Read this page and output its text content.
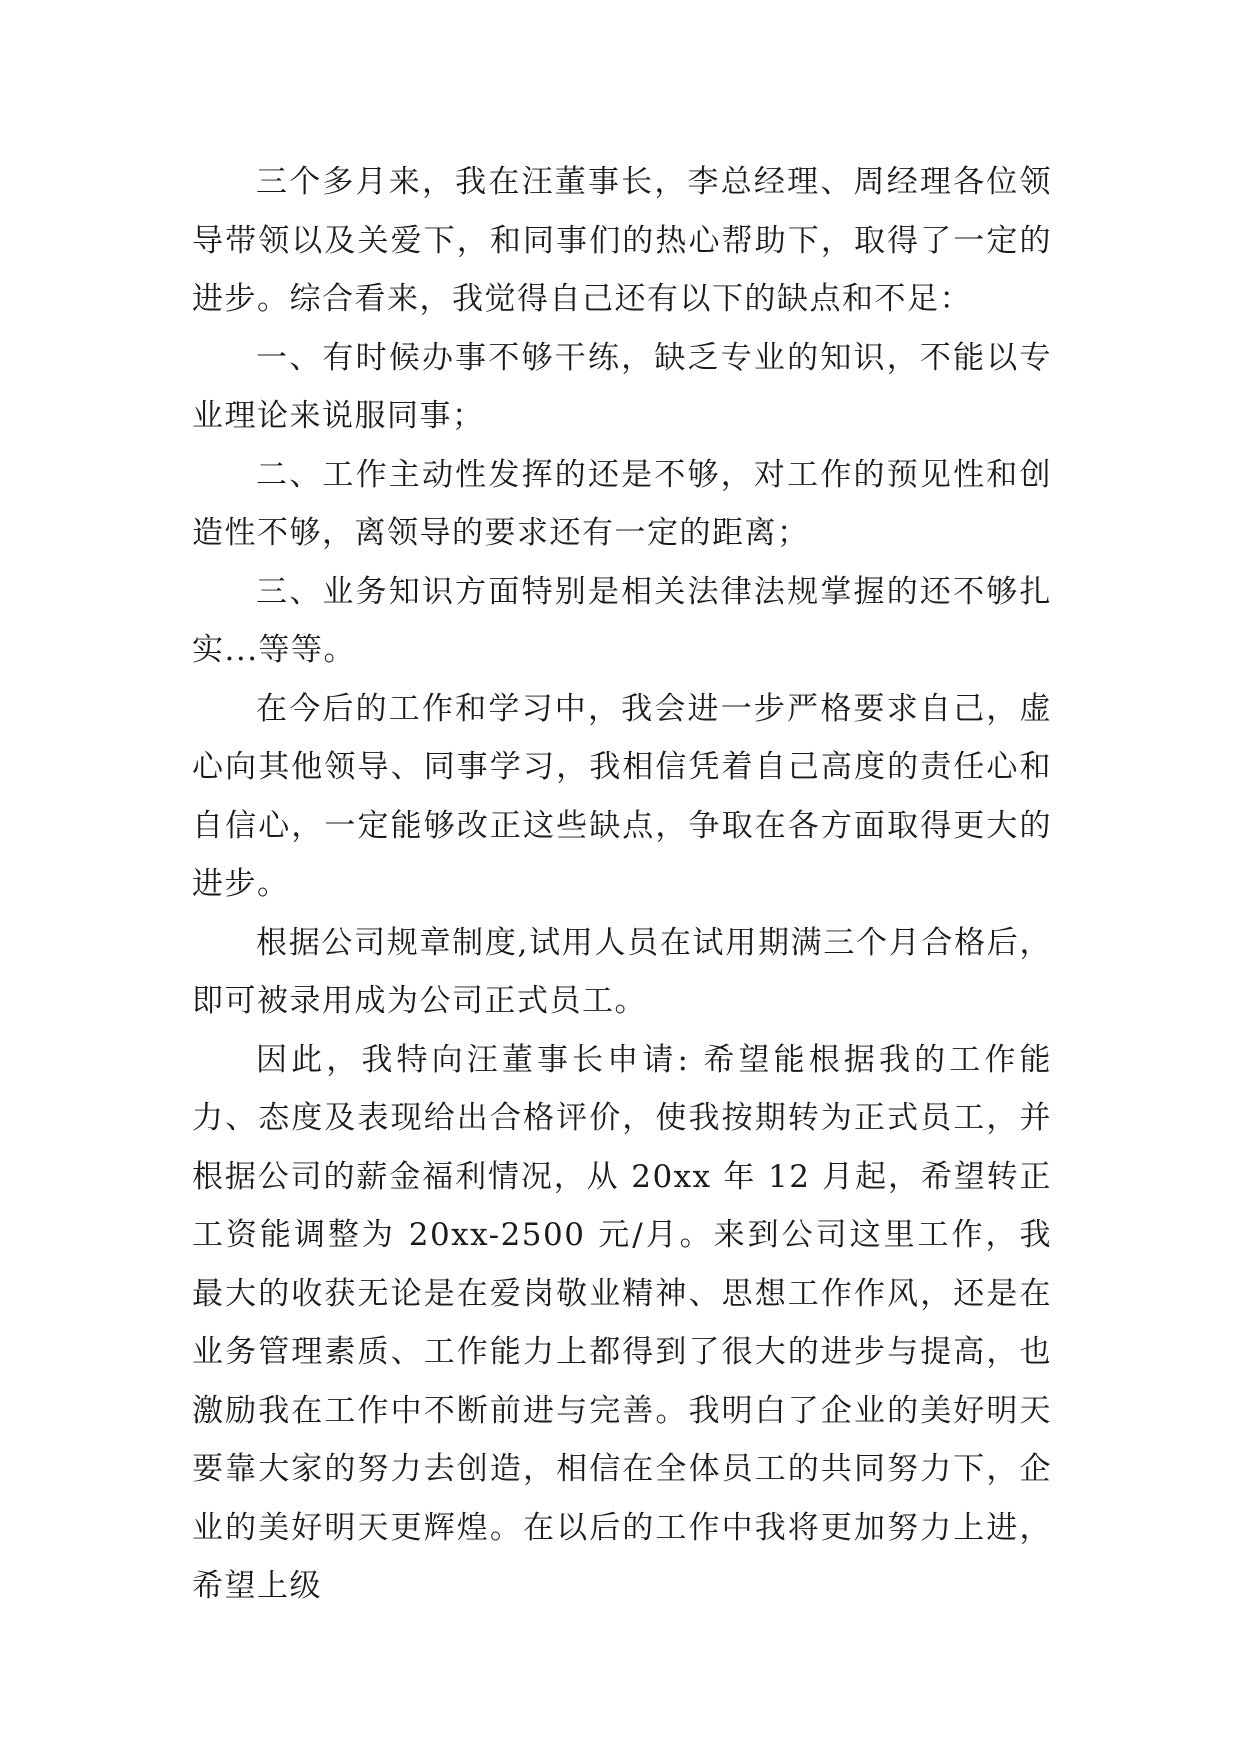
三个多月来，我在汪董事长，李总经理、周经理各位领导带领以及关爱下，和同事们的热心帮助下，取得了一定的进步。综合看来，我觉得自己还有以下的缺点和不足：

一、有时候办事不够干练，缺乏专业的知识，不能以专业理论来说服同事；

二、工作主动性发挥的还是不够，对工作的预见性和创造性不够，离领导的要求还有一定的距离；

三、业务知识方面特别是相关法律法规掌握的还不够扎实...等等。

在今后的工作和学习中，我会进一步严格要求自己，虚心向其他领导、同事学习，我相信凭着自己高度的责任心和自信心，一定能够改正这些缺点，争取在各方面取得更大的进步。

根据公司规章制度,试用人员在试用期满三个月合格后，即可被录用成为公司正式员工。

因此，我特向汪董事长申请: 希望能根据我的工作能力、态度及表现给出合格评价，使我按期转为正式员工，并根据公司的薪金福利情况，从 20xx 年 12 月起，希望转正工资能调整为 20xx-2500 元/月。来到公司这里工作，我最大的收获无论是在爱岗敬业精神、思想工作作风，还是在业务管理素质、工作能力上都得到了很大的进步与提高，也激励我在工作中不断前进与完善。我明白了企业的美好明天要靠大家的努力去创造，相信在全体员工的共同努力下，企业的美好明天更辉煌。在以后的工作中我将更加努力上进，希望上级
